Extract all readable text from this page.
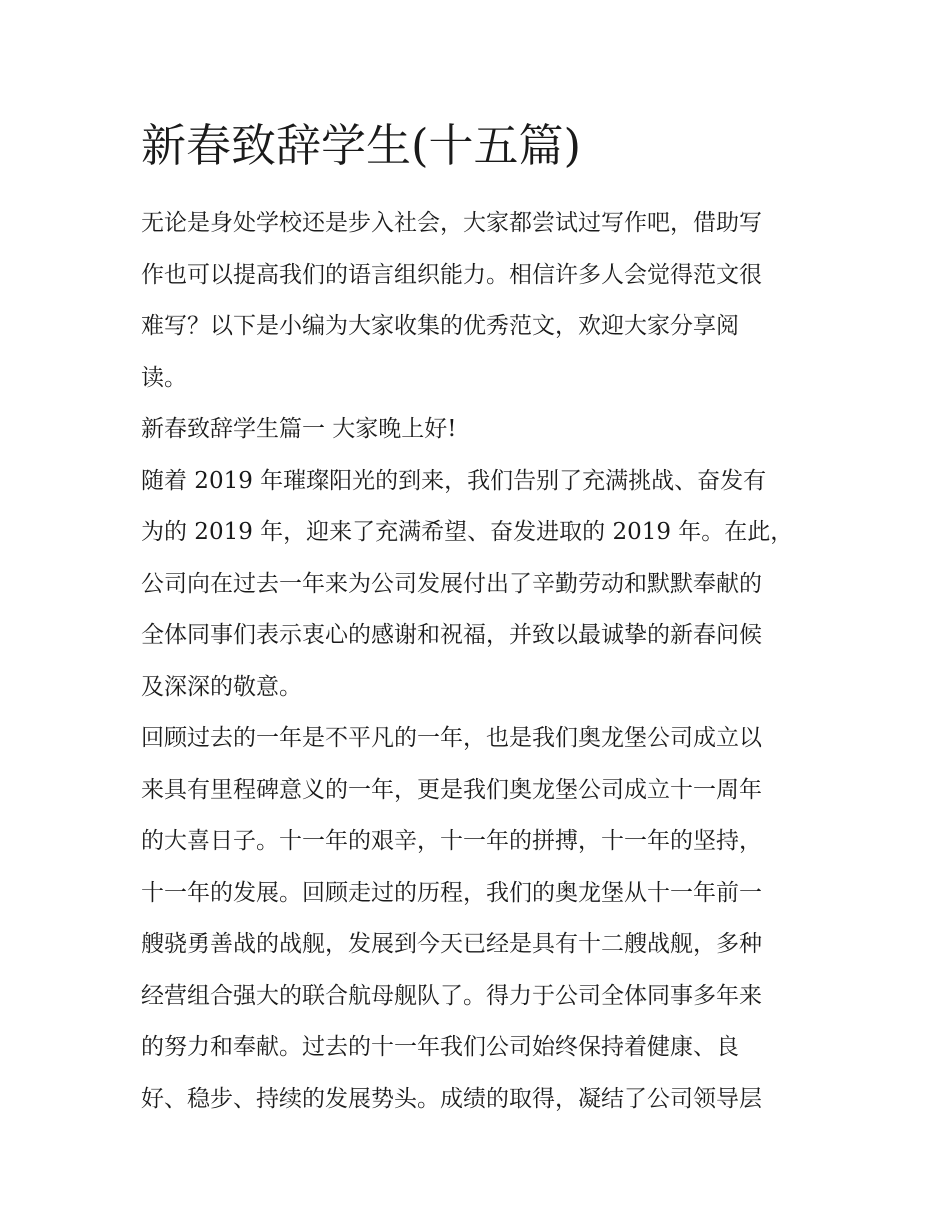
新春致辞学生(十五篇)
无论是身处学校还是步入社会，大家都尝试过写作吧，借助写
作也可以提高我们的语言组织能力。相信许多人会觉得范文很
难写？以下是小编为大家收集的优秀范文，欢迎大家分享阅
读。
新春致辞学生篇一 大家晚上好!
随着 2019 年璀璨阳光的到来，我们告别了充满挑战、奋发有
为的 2019 年，迎来了充满希望、奋发进取的 2019 年。在此，
公司向在过去一年来为公司发展付出了辛勤劳动和默默奉献的
全体同事们表示衷心的感谢和祝福，并致以最诚挚的新春问候
及深深的敬意。
回顾过去的一年是不平凡的一年，也是我们奥龙堡公司成立以
来具有里程碑意义的一年，更是我们奥龙堡公司成立十一周年
的大喜日子。十一年的艰辛，十一年的拼搏，十一年的坚持，
十一年的发展。回顾走过的历程，我们的奥龙堡从十一年前一
艘骁勇善战的战舰，发展到今天已经是具有十二艘战舰，多种
经营组合强大的联合航母舰队了。得力于公司全体同事多年来
的努力和奉献。过去的十一年我们公司始终保持着健康、良
好、稳步、持续的发展势头。成绩的取得，凝结了公司领导层
